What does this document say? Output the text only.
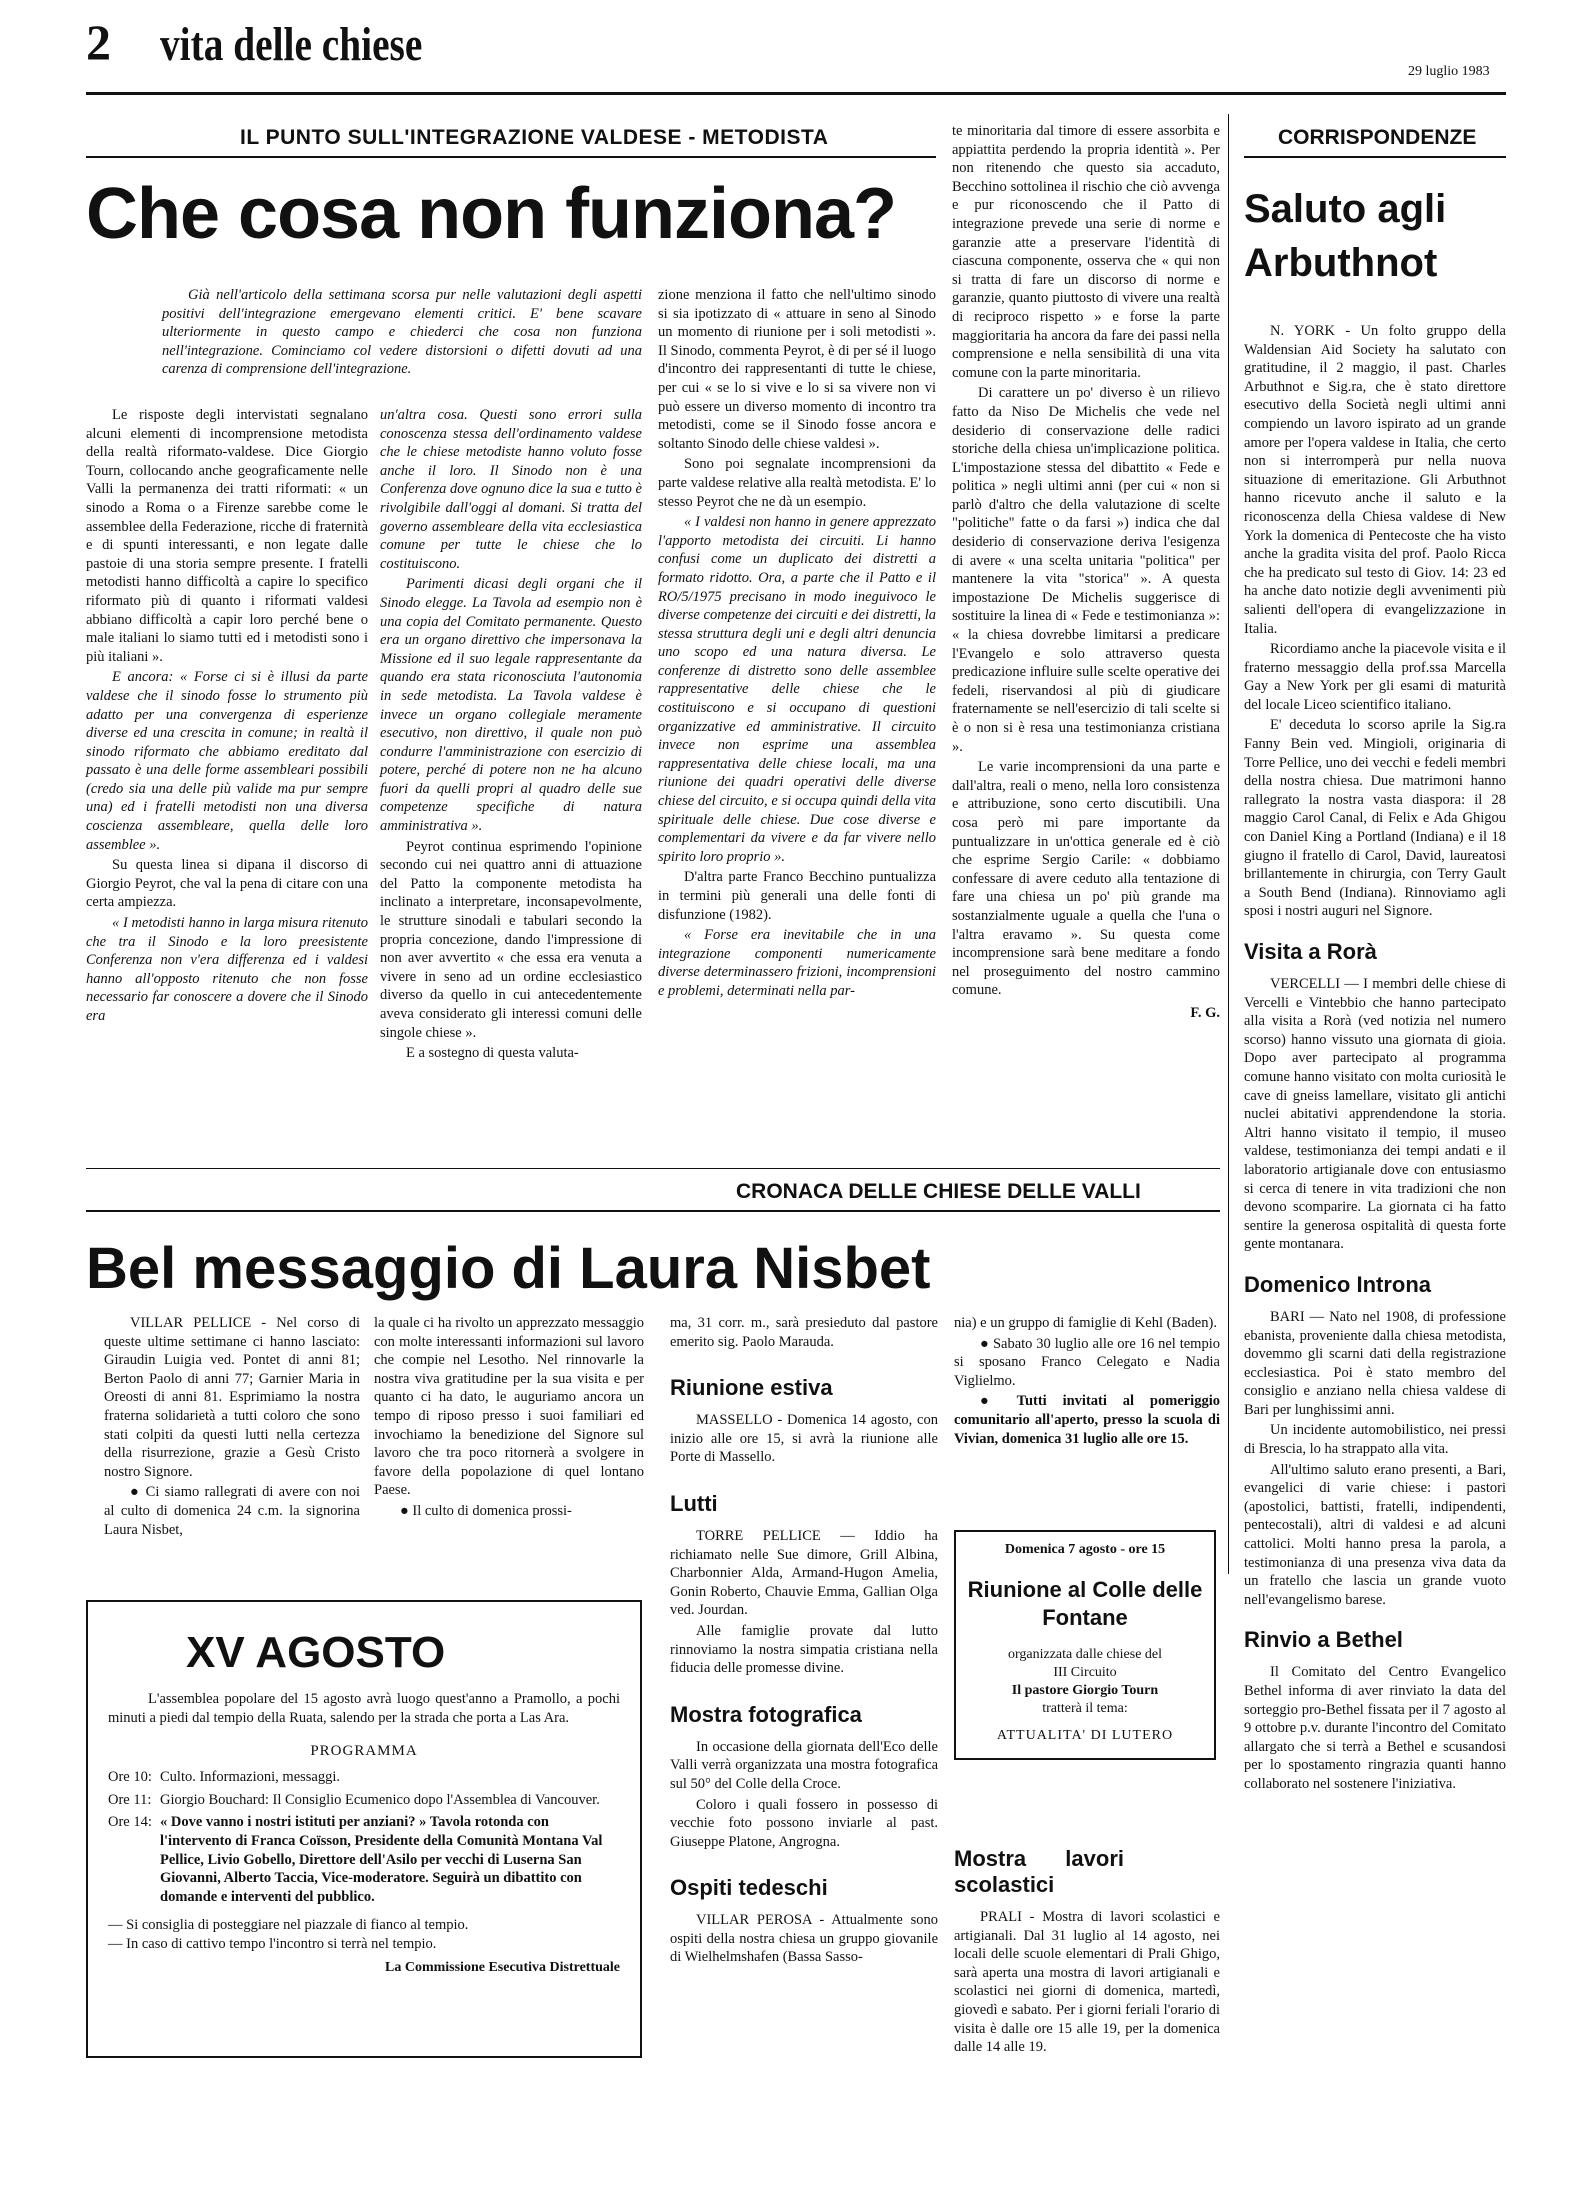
2 vita delle chiese
29 luglio 1983
IL PUNTO SULL'INTEGRAZIONE VALDESE - METODISTA
Che cosa non funziona?

Già nell'articolo della settimana scorsa pur nelle valutazioni degli aspetti positivi dell'integrazione emergevano elementi critici. E' bene scavare ulteriormente in questo campo e chiederci che cosa non funziona nell'integrazione. Cominciamo col vedere distorsioni o difetti dovuti ad una carenza di comprensione dell'integrazione.

Le risposte degli intervistati segnalano alcuni elementi di incomprensione metodista della realtà riformato-valdese. Dice Giorgio Tourn, collocando anche geograficamente nelle Valli la permanenza dei tratti riformati: « un sinodo a Roma o a Firenze sarebbe come le assemblee della Federazione, ricche di fraternità e di spunti interessanti, e non legate dalle pastoie di una storia sempre presente. I fratelli metodisti hanno difficoltà a capire lo specifico riformato più di quanto i riformati valdesi abbiano difficoltà a capir loro perché bene o male italiani lo siamo tutti ed i metodisti sono i più italiani ».

E ancora: « Forse ci si è illusi da parte valdese che il sinodo fosse lo strumento più adatto per una convergenza di esperienze diverse ed una crescita in comune; in realtà il sinodo riformato che abbiamo ereditato dal passato è una delle forme assembleari possibili (credo sia una delle più valide ma pur sempre una) ed i fratelli metodisti non una diversa coscienza assembleare, quella delle loro assemblee ».

Su questa linea si dipana il discorso di Giorgio Peyrot, che val la pena di citare con una certa ampiezza.

« I metodisti hanno in larga misura ritenuto che tra il Sinodo e la loro preesistente Conferenza non v'era differenza ed i valdesi hanno all'opposto ritenuto che non fosse necessario far conoscere a dovere che il Sinodo era

un'altra cosa. Questi sono errori sulla conoscenza stessa dell'ordinamento valdese che le chiese metodiste hanno voluto fosse anche il loro. Il Sinodo non è una Conferenza dove ognuno dice la sua e tutto è rivolgibile dall'oggi al domani. Si tratta del governo assembleare della vita ecclesiastica comune per tutte le chiese che lo costituiscono.

Parimenti dicasi degli organi che il Sinodo elegge. La Tavola ad esempio non è una copia del Comitato permanente. Questo era un organo direttivo che impersonava la Missione ed il suo legale rappresentante da quando era stata riconosciuta l'autonomia in sede metodista. La Tavola valdese è invece un organo collegiale meramente esecutivo, non direttivo, il quale non può condurre l'amministrazione con esercizio di potere, perché di potere non ne ha alcuno fuori da quelli propri al quadro delle sue competenze specifiche di natura amministrativa ».

Peyrot continua esprimendo l'opinione secondo cui nei quattro anni di attuazione del Patto la componente metodista ha inclinato a interpretare, inconsapevolmente, le strutture sinodali e tabulari secondo la propria concezione, dando l'impressione di non aver avvertito « che essa era venuta a vivere in seno ad un ordine ecclesiastico diverso da quello in cui antecedentemente aveva considerato gli interessi comuni delle singole chiese ».

E a sostegno di questa valuta-

zione menziona il fatto che nell'ultimo sinodo si sia ipotizzato di « attuare in seno al Sinodo un momento di riunione per i soli metodisti ». Il Sinodo, commenta Peyrot, è di per sé il luogo d'incontro dei rappresentanti di tutte le chiese, per cui « se lo si vive e lo si sa vivere non vi può essere un diverso momento di incontro tra metodisti, come se il Sinodo fosse ancora e soltanto Sinodo delle chiese valdesi ».

Sono poi segnalate incomprensioni da parte valdese relative alla realtà metodista. E' lo stesso Peyrot che ne dà un esempio.

« I valdesi non hanno in genere apprezzato l'apporto metodista dei circuiti. Li hanno confusi come un duplicato dei distretti a formato ridotto. Ora, a parte che il Patto e il RO/5/1975 precisano in modo ineguivoco le diverse competenze dei circuiti e dei distretti, la stessa struttura degli uni e degli altri denuncia uno scopo ed una natura diversa. Le conferenze di distretto sono delle assemblee rappresentative delle chiese che le costituiscono e si occupano di questioni organizzative ed amministrative. Il circuito invece non esprime una assemblea rappresentativa delle chiese locali, ma una riunione dei quadri operativi delle diverse chiese del circuito, e si occupa quindi della vita spirituale delle chiese. Due cose diverse e complementari da vivere e da far vivere nello spirito loro proprio ».

D'altra parte Franco Becchino puntualizza in termini più generali una delle fonti di disfunzione (1982).

« Forse era inevitabile che in una integrazione componenti numericamente diverse determinassero frizioni, incomprensioni e problemi, determinati nella par-

te minoritaria dal timore di essere assorbita e appiattita perdendo la propria identità ». Per non ritenendo che questo sia accaduto, Becchino sottolinea il rischio che ciò avvenga e pur riconoscendo che il Patto di integrazione prevede una serie di norme e garanzie atte a preservare l'identità di ciascuna componente, osserva che « qui non si tratta di fare un discorso di norme e garanzie, quanto piuttosto di vivere una realtà di reciproco rispetto » e forse la parte maggioritaria ha ancora da fare dei passi nella comprensione e nella sensibilità di una vita comune con la parte minoritaria.

Di carattere un po' diverso è un rilievo fatto da Niso De Michelis che vede nel desiderio di conservazione delle radici storiche della chiesa un'implicazione politica. L'impostazione stessa del dibattito « Fede e politica » negli ultimi anni (per cui « non si parlò d'altro che della valutazione di scelte "politiche" fatte o da farsi ») indica che dal desiderio di conservazione deriva l'esigenza di avere « una scelta unitaria "politica" per mantenere la vita "storica" ». A questa impostazione De Michelis suggerisce di sostituire la linea di « Fede e testimonianza »: « la chiesa dovrebbe limitarsi a predicare l'Evangelo e solo attraverso questa predicazione influire sulle scelte operative dei fedeli, riservandosi al più di giudicare fraternamente se nell'esercizio di tali scelte si è o non si è resa una testimonianza cristiana ».

Le varie incomprensioni da una parte e dall'altra, reali o meno, nella loro consistenza e attribuzione, sono certo discutibili. Una cosa però mi pare importante da puntualizzare in un'ottica generale ed è ciò che esprime Sergio Carile: « dobbiamo confessare di avere ceduto alla tentazione di fare una chiesa un po' più grande ma sostanzialmente uguale a quella che l'una o l'altra eravamo ». Su questa come incomprensione sarà bene meditare a fondo nel proseguimento del nostro cammino comune.

F. G.
CORRISPONDENZE
Saluto agli Arbuthnot

N. YORK - Un folto gruppo della Waldensian Aid Society ha salutato con gratitudine, il 2 maggio, il past. Charles Arbuthnot e Sig.ra, che è stato direttore esecutivo della Società negli ultimi anni compiendo un lavoro ispirato ad un grande amore per l'opera valdese in Italia, che certo non si interromperà pur nella nuova situazione di emeritazione. Gli Arbuthnot hanno ricevuto anche il saluto e la riconoscenza della Chiesa valdese di New York la domenica di Pentecoste che ha visto anche la gradita visita del prof. Paolo Ricca che ha predicato sul testo di Giov. 14: 23 ed ha anche dato notizie degli avvenimenti più salienti dell'opera di evangelizzazione in Italia.

Ricordiamo anche la piacevole visita e il fraterno messaggio della prof.ssa Marcella Gay a New York per gli esami di maturità del locale Liceo scientifico italiano.

E' deceduta lo scorso aprile la Sig.ra Fanny Bein ved. Mingioli, originaria di Torre Pellice, uno dei vecchi e fedeli membri della nostra chiesa. Due matrimoni hanno rallegrato la nostra vasta diaspora: il 28 maggio Carol Canal, di Felix e Ada Ghigou con Daniel King a Portland (Indiana) e il 18 giugno il fratello di Carol, David, laureatosi brillantemente in chirurgia, con Terry Gault a South Bend (Indiana). Rinnoviamo agli sposi i nostri auguri nel Signore.

Visita a Rorà

VERCELLI — I membri delle chiese di Vercelli e Vintebbio che hanno partecipato alla visita a Rorà (ved notizia nel numero scorso) hanno vissuto una giornata di gioia. Dopo aver partecipato al programma comune hanno visitato con molta curiosità le cave di gneiss lamellare, visitato gli antichi nuclei abitativi apprendendone la storia. Altri hanno visitato il tempio, il museo valdese, testimonianza dei tempi andati e il laboratorio artigianale dove con entusiasmo si cerca di tenere in vita tradizioni che non devono scomparire. La giornata ci ha fatto sentire la generosa ospitalità di questa forte gente montanara.

Domenico Introna

BARI — Nato nel 1908, di professione ebanista, proveniente dalla chiesa metodista, dovemmo gli scarni dati della registrazione ecclesiastica. Poi è stato membro del consiglio e anziano nella chiesa valdese di Bari per lunghissimi anni.

Un incidente automobilistico, nei pressi di Brescia, lo ha strappato alla vita.

All'ultimo saluto erano presenti, a Bari, evangelici di varie chiese: i pastori (apostolici, battisti, fratelli, indipendenti, pentecostali), altri di valdesi e ad alcuni cattolici. Molti hanno presa la parola, a testimonianza di una presenza viva data da un fratello che lascia un grande vuoto nell'evangelismo barese.

Rinvio a Bethel

Il Comitato del Centro Evangelico Bethel informa di aver rinviato la data del sorteggio pro-Bethel fissata per il 7 agosto al 9 ottobre p.v. durante l'incontro del Comitato allargato che si terrà a Bethel e scusandosi per lo spostamento ringrazia quanti hanno collaborato nel sostenere l'iniziativa.

CRONACA DELLE CHIESE DELLE VALLI
Bel messaggio di Laura Nisbet

VILLAR PELLICE - Nel corso di queste ultime settimane ci hanno lasciato: Giraudin Luigia ved. Pontet di anni 81; Berton Paolo di anni 77; Garnier Maria in Oreosti di anni 81. Esprimiamo la nostra fraterna solidarietà a tutti coloro che sono stati colpiti da questi lutti nella certezza della risurrezione, grazie a Gesù Cristo nostro Signore.

● Ci siamo rallegrati di avere con noi al culto di domenica 24 c.m. la signorina Laura Nisbet,

la quale ci ha rivolto un apprezzato messaggio con molte interessanti informazioni sul lavoro che compie nel Lesotho. Nel rinnovarle la nostra viva gratitudine per la sua visita e per quanto ci ha dato, le auguriamo ancora un tempo di riposo presso i suoi familiari ed invochiamo la benedizione del Signore sul lavoro che tra poco ritornerà a svolgere in favore della popolazione di quel lontano Paese.

● Il culto di domenica prossi-

ma, 31 corr. m., sarà presieduto dal pastore emerito sig. Paolo Marauda.

Riunione estiva

MASSELLO - Domenica 14 agosto, con inizio alle ore 15, si avrà la riunione alle Porte di Massello.

Lutti

TORRE PELLICE — Iddio ha richiamato nelle Sue dimore, Grill Albina, Charbonnier Alda, Armand-Hugon Amelia, Gonin Roberto, Chauvie Emma, Gallian Olga ved. Jourdan.

Alle famiglie provate dal lutto rinnoviamo la nostra simpatia cristiana nella fiducia delle promesse divine.

Mostra fotografica

In occasione della giornata dell'Eco delle Valli verrà organizzata una mostra fotografica sul 50° del Colle della Croce.

Coloro i quali fossero in possesso di vecchie foto possono inviarle al past. Giuseppe Platone, Angrogna.

Ospiti tedeschi

VILLAR PEROSA - Attualmente sono ospiti della nostra chiesa un gruppo giovanile di Wielhelmshafen (Bassa Sasso-

nia) e un gruppo di famiglie di Kehl (Baden).

● Sabato 30 luglio alle ore 16 nel tempio si sposano Franco Celegato e Nadia Viglielmo.

● Tutti invitati al pomeriggio comunitario all'aperto, presso la scuola di Vivian, domenica 31 luglio alle ore 15.

Domenica 7 agosto - ore 15
Riunione al Colle delle Fontane
organizzata dalle chiese del
III Circuito
Il pastore Giorgio Tourn
tratterà il tema:
ATTUALITA' DI LUTERO
Mostra lavori scolastici

PRALI - Mostra di lavori scolastici e artigianali. Dal 31 luglio al 14 agosto, nei locali delle scuole elementari di Prali Ghigo, sarà aperta una mostra di lavori artigianali e scolastici nei giorni di domenica, martedì, giovedì e sabato. Per i giorni feriali l'orario di visita è dalle ore 15 alle 19, per la domenica dalle 14 alle 19.

XV AGOSTO
L'assemblea popolare del 15 agosto avrà luogo quest'anno a Pramollo, a pochi minuti a piedi dal tempio della Ruata, salendo per la strada che porta a Las Ara.
PROGRAMMA
Ore 10: Culto. Informazioni, messaggi.
Ore 11: Giorgio Bouchard: Il Consiglio Ecumenico dopo l'Assemblea di Vancouver.
Ore 14: « Dove vanno i nostri istituti per anziani? » Tavola rotonda con l'intervento di Franca Coïsson, Presidente della Comunità Montana Val Pellice, Livio Gobello, Direttore dell'Asilo per vecchi di Luserna San Giovanni, Alberto Taccia, Vice-moderatore. Seguirà un dibattito con domande e interventi del pubblico.
— Si consiglia di posteggiare nel piazzale di fianco al tempio.
— In caso di cattivo tempo l'incontro si terrà nel tempio.
La Commissione Esecutiva Distrettuale
